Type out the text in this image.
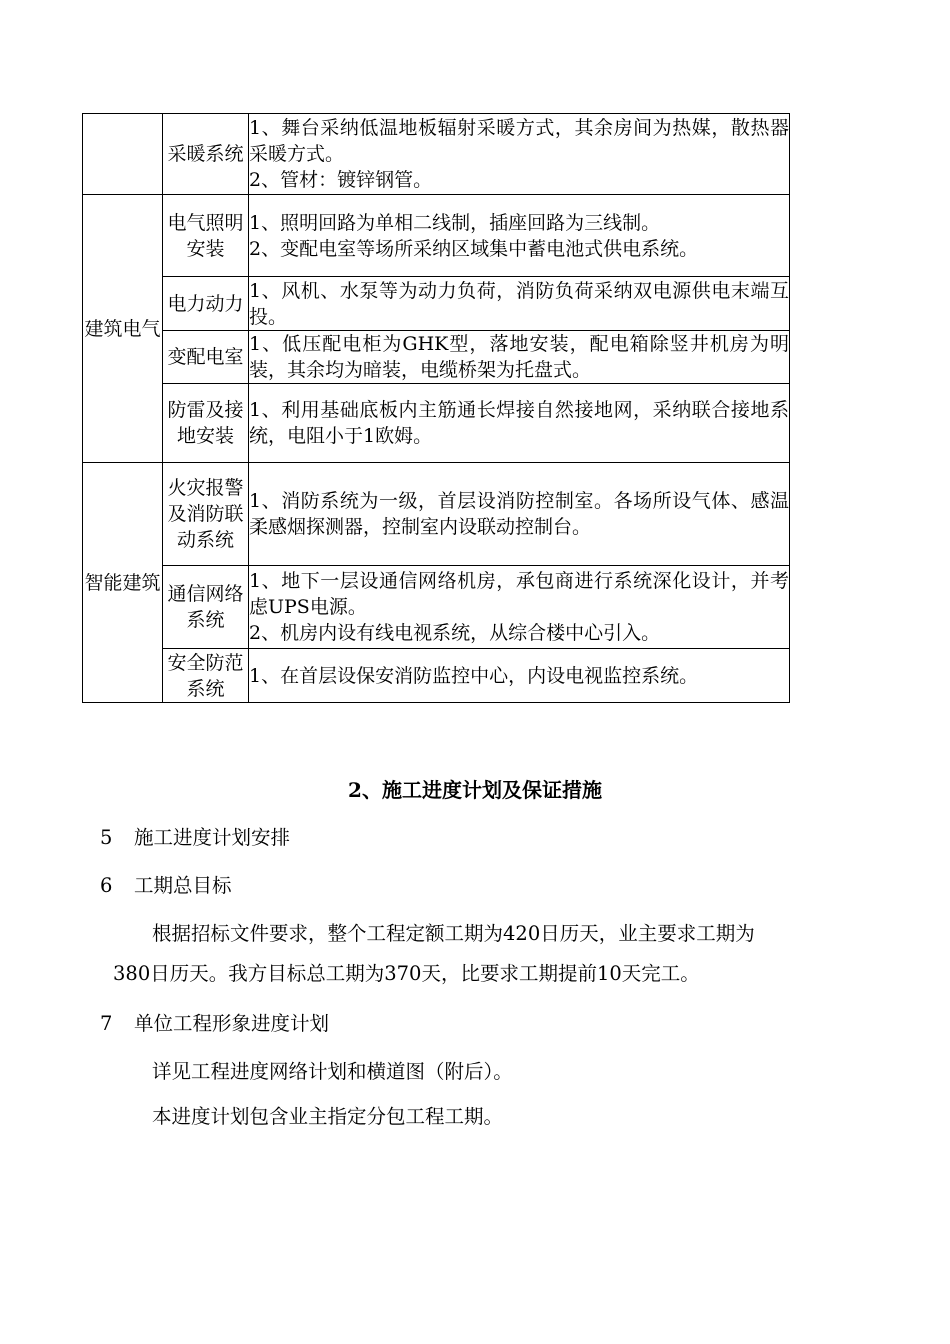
	采暖系统	1、舞台采纳低温地板辐射采暖方式，其余房间为热媒，散热器采暖方式。
2、管材：镀锌钢管。

建筑电气	电气照明安装	1、照明回路为单相二线制，插座回路为三线制。
2、变配电室等场所采纳区域集中蓄电池式供电系统。

	电力动力	1、风机、水泵等为动力负荷，消防负荷采纳双电源供电末端互投。

	变配电室	1、低压配电柜为GHK型，落地安装，配电箱除竖井机房为明装，其余均为暗装，电缆桥架为托盘式。

	防雷及接地安装	1、利用基础底板内主筋通长焊接自然接地网，采纳联合接地系统，电阻小于1欧姆。

智能建筑	火灾报警及消防联动系统	1、消防系统为一级，首层设消防控制室。各场所设气体、感温柔感烟探测器，控制室内设联动控制台。

	通信网络系统	1、地下一层设通信网络机房，承包商进行系统深化设计，并考虑UPS电源。
2、机房内设有线电视系统，从综合楼中心引入。

	安全防范系统	1、在首层设保安消防监控中心，内设电视监控系统。
2、施工进度计划及保证措施
5 施工进度计划安排
6 工期总目标
根据招标文件要求，整个工程定额工期为420日历天，业主要求工期为
380日历天。我方目标总工期为370天，比要求工期提前10天完工。
7 单位工程形象进度计划
详见工程进度网络计划和横道图（附后）。
本进度计划包含业主指定分包工程工期。
